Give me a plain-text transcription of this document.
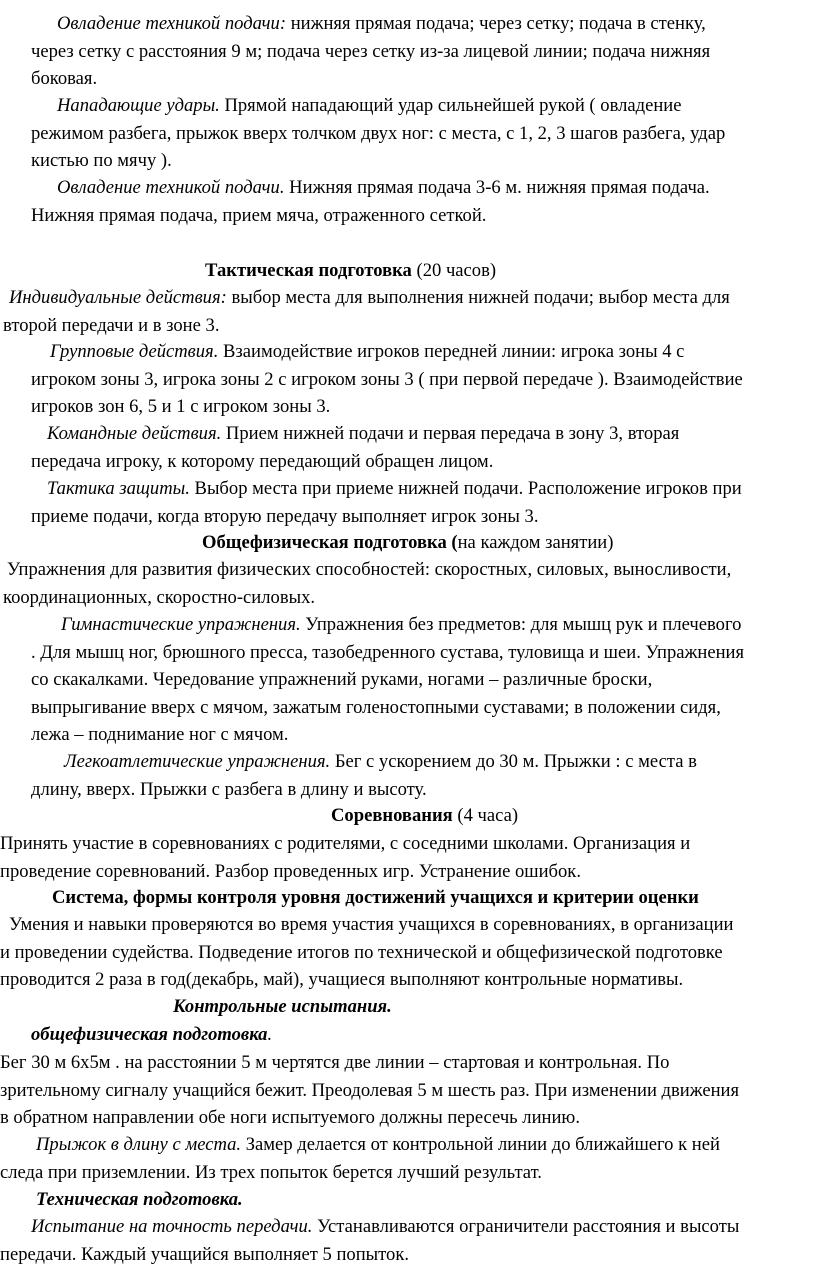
Овладение техникой подачи: нижняя прямая подача; через сетку; подача в стенку,
через сетку с расстояния 9 м; подача через сетку из-за лицевой линии; подача нижняя
боковая.
Нападающие удары. Прямой нападающий удар сильнейшей рукой ( овладение
режимом разбега, прыжок вверх толчком двух ног: с места, с 1, 2, 3 шагов разбега, удар
кистью по мячу ).
Овладение техникой подачи. Нижняя прямая подача 3-6 м. нижняя прямая подача.
Нижняя прямая подача, прием мяча, отраженного сеткой.
Тактическая подготовка (20 часов)
Индивидуальные действия: выбор места для выполнения нижней подачи; выбор места для
второй передачи и в зоне 3.
Групповые действия. Взаимодействие игроков передней линии: игрока зоны 4 с
игроком зоны 3, игрока зоны 2 с игроком зоны 3 ( при первой передаче ). Взаимодействие
игроков зон 6, 5 и 1 с игроком зоны 3.
Командные действия. Прием нижней подачи и первая передача в зону 3, вторая
передача игроку, к которому передающий обращен лицом.
Тактика защиты. Выбор места при приеме нижней подачи. Расположение игроков при
приеме подачи, когда вторую передачу выполняет игрок зоны 3.
Общефизическая подготовка (на каждом занятии)
Упражнения для развития физических способностей: скоростных, силовых, выносливости,
координационных, скоростно-силовых.
Гимнастические упражнения. Упражнения без предметов: для мышц рук и плечевого
. Для мышц ног, брюшного пресса, тазобедренного сустава, туловища и шеи. Упражнения
со скакалками. Чередование упражнений руками, ногами – различные броски,
выпрыгивание вверх с мячом, зажатым голеностопными суставами; в положении сидя,
лежа – поднимание ног с мячом.
Легкоатлетические упражнения. Бег с ускорением до 30 м. Прыжки : с места в
длину, вверх. Прыжки с разбега в длину и высоту.
Соревнования (4 часа)
Принять участие в соревнованиях с родителями, с соседними школами. Организация и
проведение соревнований. Разбор проведенных игр. Устранение ошибок.
Система, формы контроля уровня достижений учащихся и критерии оценки
Умения и навыки проверяются во время участия учащихся в соревнованиях, в организации
и проведении судейства. Подведение итогов по технической и общефизической подготовке
проводится 2 раза в год(декабрь, май), учащиеся выполняют контрольные нормативы.
Контрольные испытания.
общефизическая подготовка.
Бег 30 м 6х5м . на расстоянии 5 м чертятся две линии – стартовая и контрольная. По
зрительному сигналу учащийся бежит. Преодолевая 5 м шесть раз. При изменении движения
в обратном направлении обе ноги испытуемого должны пересечь линию.
Прыжок в длину с места. Замер делается от контрольной линии до ближайшего к ней
следа при приземлении. Из трех попыток берется лучший результат.
Техническая подготовка.
Испытание на точность передачи. Устанавливаются ограничители расстояния и высоты
передачи. Каждый учащийся выполняет 5 попыток.
